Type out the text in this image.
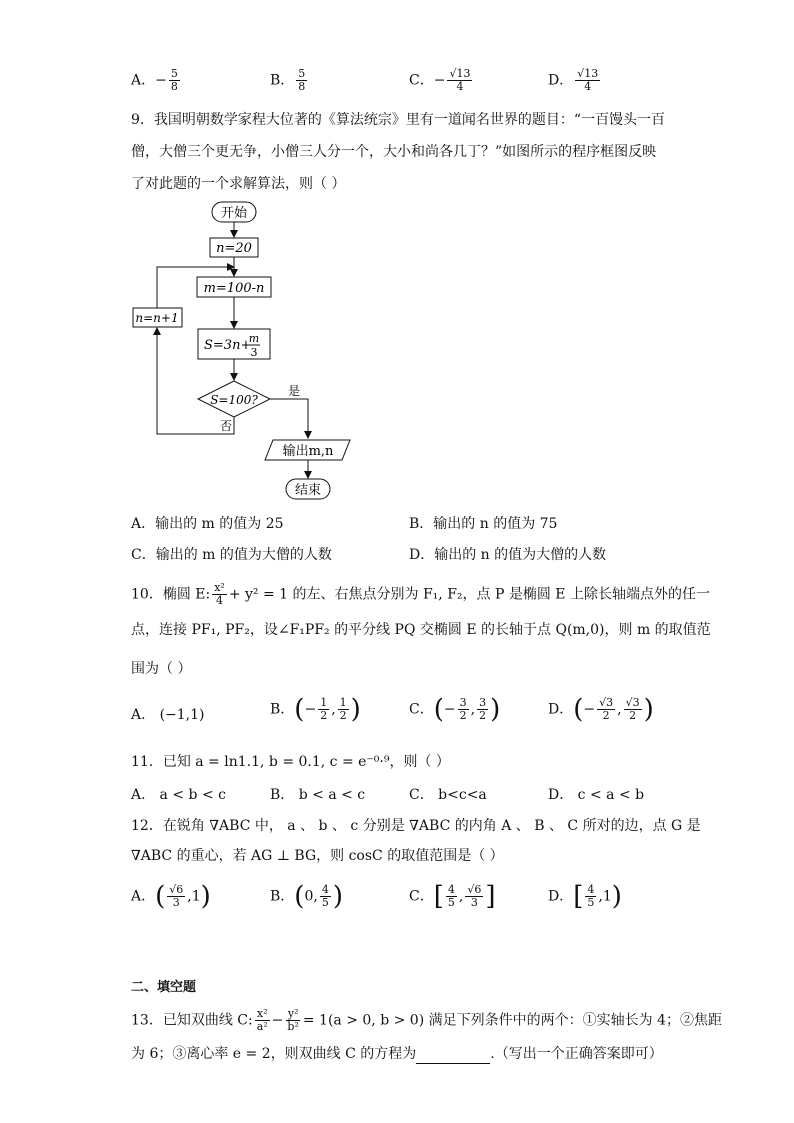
A．− $\frac{5}{8}$	B． $\frac{5}{8}$	C．− $\frac{√13}{4}$	D． $\frac{√13}{4}$
9．我国明朝数学家程大位著的《算法统宗》里有一道闻名世界的题目：“一百馒头一百
僧，大僧三个更无争，小僧三人分一个，大小和尚各几丁？”如图所示的程序框图反映
了对此题的一个求解算法，则（ ）
开始
n=20
m=100-n
S=3n+
m
3
S=100?
是
否
n=n+1
输出m,n
结束
A．输出的 m 的值为 25	B．输出的 n 的值为 75
C．输出的 m 的值为大僧的人数	D．输出的 n 的值为大僧的人数
10．椭圆 E: $\frac{\text{x²}}{4} + y^2 = 1$ 的左、右焦点分别为 F₁, F₂，点 P 是椭圆 E 上除长轴端点外的任一
点，连接 PF₁, PF₂，设∠F₁PF₂ 的平分线 PQ 交椭圆 E 的长轴于点 Q(m,0)，则 m 的取值范
围为（ ）
A． (−1,1)	B．(− $\frac{1}{2}$ , $\frac{1}{2}$ )	C．(− $\frac{3}{2}$ , $\frac{3}{2}$ )	D．(− $\frac{√3}{2}$ , $\frac{√3}{2}$ )
11．已知 a = ln1.1, b = 0.1, c = e⁻⁰·⁹，则（ ）
A． a < b < c	B． b < a < c	C． b<c<a	D． c < a < b
12．在锐角 ∇ABC 中， a 、 b 、 c 分别是 ∇ABC 的内角 A 、 B 、 C 所对的边，点 G 是
∇ABC 的重心，若 AG ⊥ BG，则 cosC 的取值范围是（ ）
A．( $\frac{√6}{3} ,1$)	B．(0, $\frac{4}{5}$ )	C．[ $\frac{4}{5}$ , $\frac{√6}{3}$ ]	D．[ $\frac{4}{5} ,1$)
二、填空题
13．已知双曲线 C: $\frac{\text{x²}}{\text{a²}} - \frac{\text{y²}}{\text{b²}} = 1(a > 0$, b > 0) 满足下列条件中的两个：①实轴长为 4；②焦距
为 6；③离心率 e = 2，则双曲线 C 的方程为	.（写出一个正确答案即可）
